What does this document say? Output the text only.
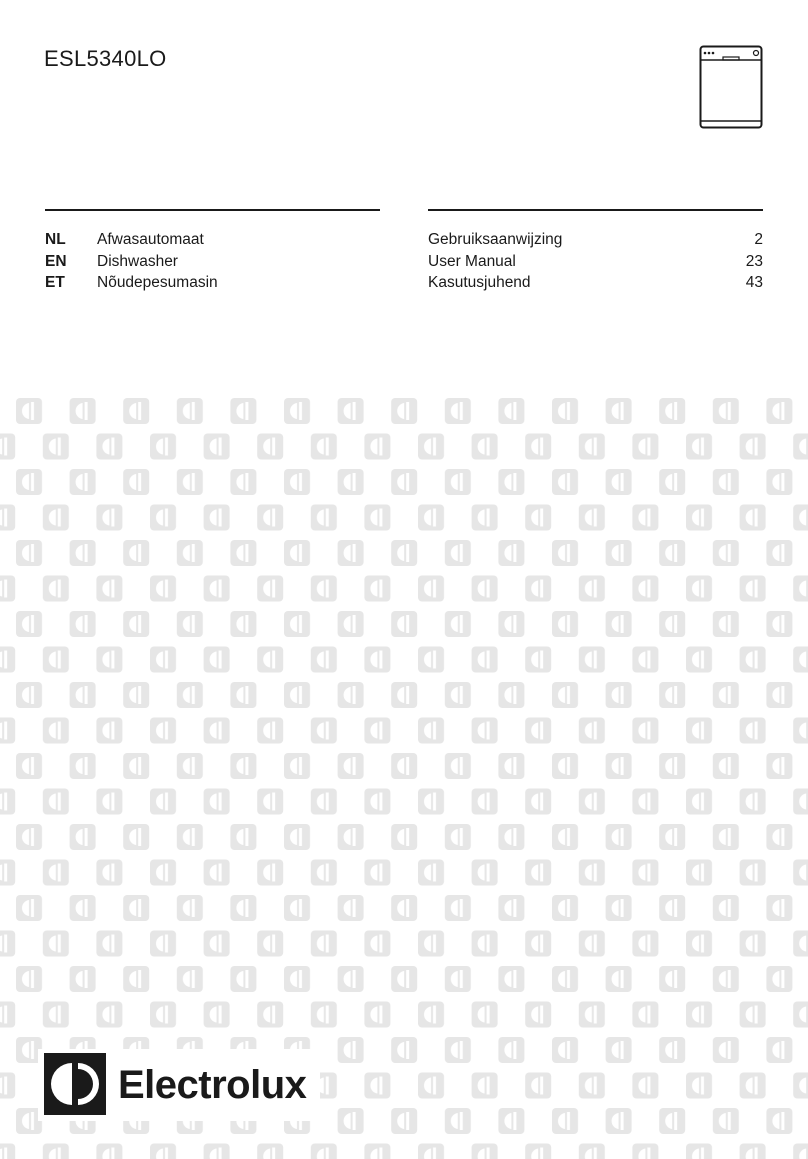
ESL5340LO
NL Afwasautomaat
EN Dishwasher
ET Nõudepesumasin
Gebruiksaanwijzing	2
User Manual	23
Kasutusjuhend	43
Electrolux
